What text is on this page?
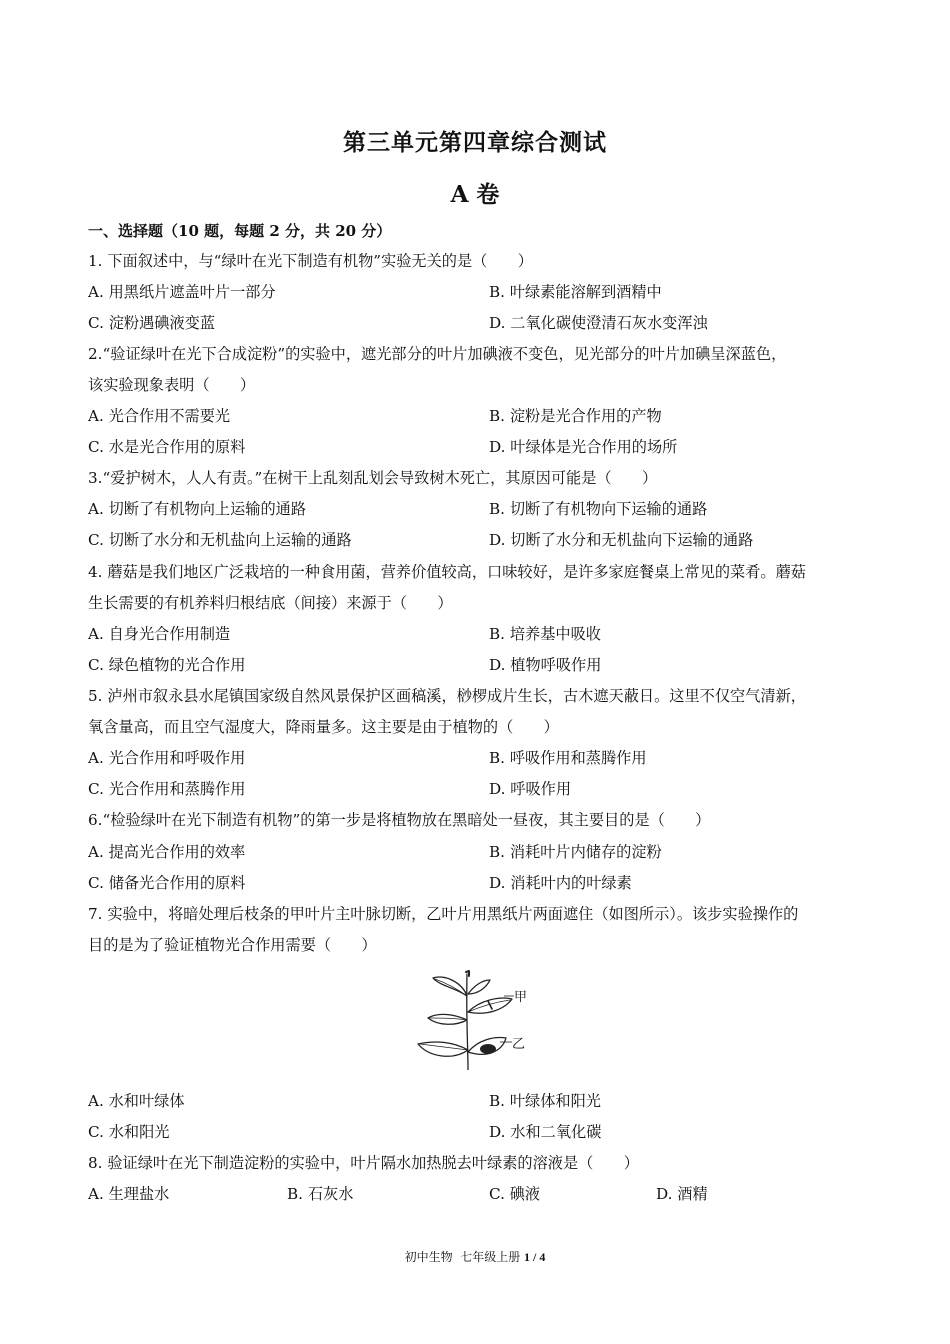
第三单元第四章综合测试
A 卷

一、选择题（10 题，每题 2 分，共 20 分）

1. 下面叙述中，与“绿叶在光下制造有机物”实验无关的是（　　）

A. 用黑纸片遮盖叶片一部分	B. 叶绿素能溶解到酒精中
C. 淀粉遇碘液变蓝	D. 二氧化碳使澄清石灰水变浑浊

2.“验证绿叶在光下合成淀粉”的实验中，遮光部分的叶片加碘液不变色，见光部分的叶片加碘呈深蓝色，

该实验现象表明（　　）

A. 光合作用不需要光	B. 淀粉是光合作用的产物
C. 水是光合作用的原料	D. 叶绿体是光合作用的场所

3.“爱护树木，人人有责。”在树干上乱刻乱划会导致树木死亡，其原因可能是（　　）

A. 切断了有机物向上运输的通路	B. 切断了有机物向下运输的通路
C. 切断了水分和无机盐向上运输的通路	D. 切断了水分和无机盐向下运输的通路

4. 蘑菇是我们地区广泛栽培的一种食用菌，营养价值较高，口味较好，是许多家庭餐桌上常见的菜肴。蘑菇

生长需要的有机养料归根结底（间接）来源于（　　）

A. 自身光合作用制造	B. 培养基中吸收
C. 绿色植物的光合作用	D. 植物呼吸作用

5. 泸州市叙永县水尾镇国家级自然风景保护区画稿溪，桫椤成片生长，古木遮天蔽日。这里不仅空气清新，

氧含量高，而且空气湿度大，降雨量多。这主要是由于植物的（　　）

A. 光合作用和呼吸作用	B. 呼吸作用和蒸腾作用
C. 光合作用和蒸腾作用	D. 呼吸作用

6.“检验绿叶在光下制造有机物”的第一步是将植物放在黑暗处一昼夜，其主要目的是（　　）

A. 提高光合作用的效率	B. 消耗叶片内储存的淀粉
C. 储备光合作用的原料	D. 消耗叶内的叶绿素

7. 实验中，将暗处理后枝条的甲叶片主叶脉切断，乙叶片用黑纸片两面遮住（如图所示）。该步实验操作的

目的是为了验证植物光合作用需要（　　）

甲
乙
A. 水和叶绿体	B. 叶绿体和阳光
C. 水和阳光	D. 水和二氧化碳

8. 验证绿叶在光下制造淀粉的实验中，叶片隔水加热脱去叶绿素的溶液是（　　）

A. 生理盐水	B. 石灰水	C. 碘液	D. 酒精
初中生物  七年级上册 1 / 4
